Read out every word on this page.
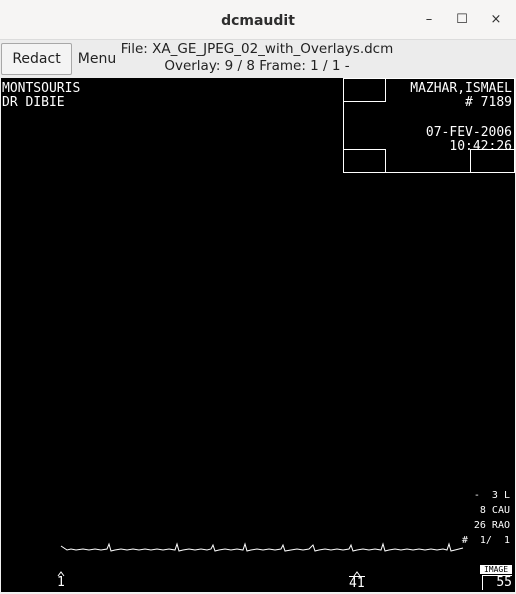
dcmaudit	–	☐	×
Redact	Menu
File: XA_GE_JPEG_02_with_Overlays.dcm
Overlay: 9 / 8 Frame: 1 / 1 -
MONTSOURIS
DR DIBIE
MAZHAR,ISMAEL
# 7189
07-FEV-2006
10:42:26
-  3 L
8 CAU
26 RAO
#  1/  1
1	41
IMAGE
55
